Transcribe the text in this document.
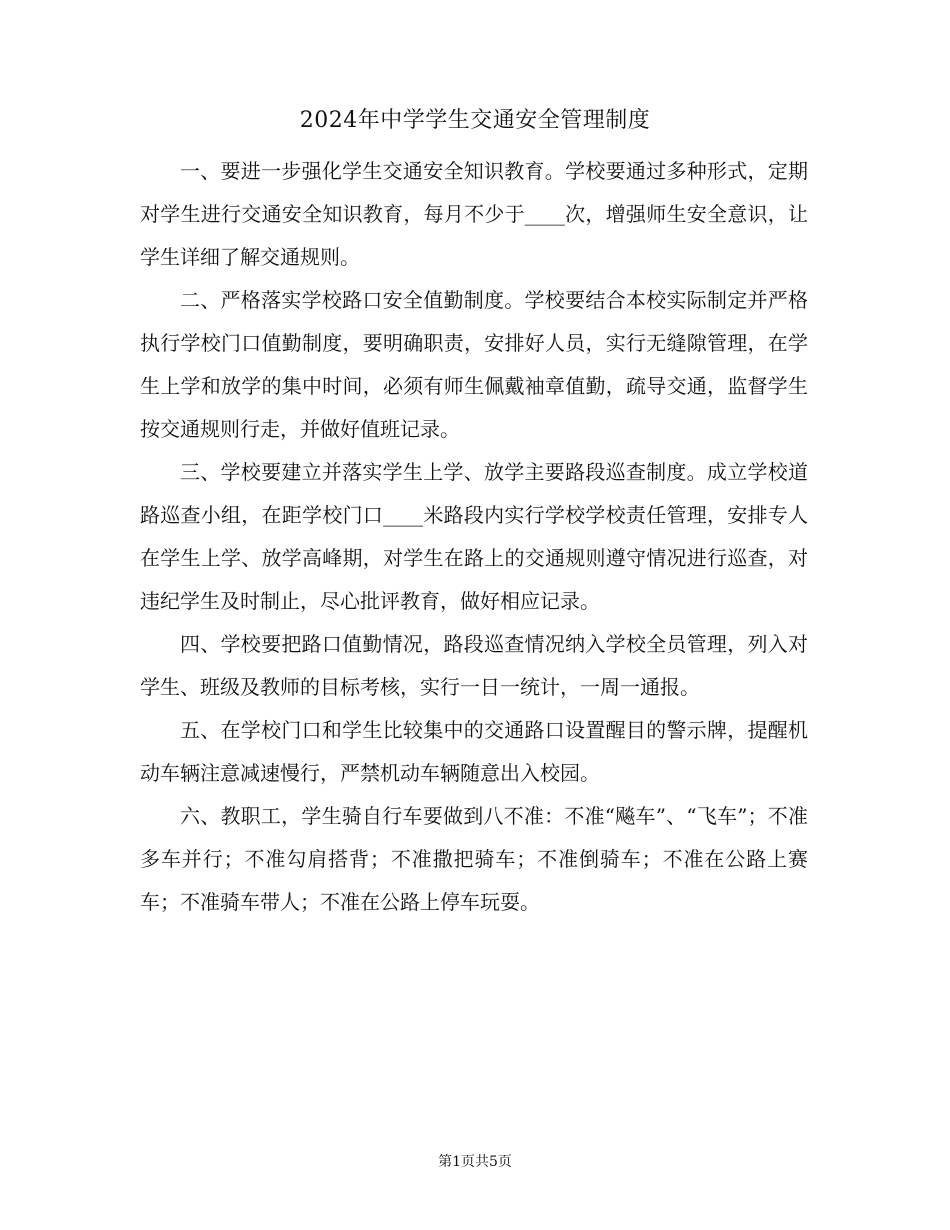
2024年中学学生交通安全管理制度

一、要进一步强化学生交通安全知识教育。学校要通过多种形式，定期对学生进行交通安全知识教育，每月不少于____次，增强师生安全意识，让学生详细了解交通规则。

二、严格落实学校路口安全值勤制度。学校要结合本校实际制定并严格执行学校门口值勤制度，要明确职责，安排好人员，实行无缝隙管理，在学生上学和放学的集中时间，必须有师生佩戴袖章值勤，疏导交通，监督学生按交通规则行走，并做好值班记录。

三、学校要建立并落实学生上学、放学主要路段巡查制度。成立学校道路巡查小组，在距学校门口____米路段内实行学校学校责任管理，安排专人在学生上学、放学高峰期，对学生在路上的交通规则遵守情况进行巡查，对违纪学生及时制止，尽心批评教育，做好相应记录。

四、学校要把路口值勤情况，路段巡查情况纳入学校全员管理，列入对学生、班级及教师的目标考核，实行一日一统计，一周一通报。

五、在学校门口和学生比较集中的交通路口设置醒目的警示牌，提醒机动车辆注意减速慢行，严禁机动车辆随意出入校园。

六、教职工，学生骑自行车要做到八不准：不准“飚车”、“飞车”；不准多车并行；不准勾肩搭背；不准撒把骑车；不准倒骑车；不准在公路上赛车；不准骑车带人；不准在公路上停车玩耍。

第1页共5页
